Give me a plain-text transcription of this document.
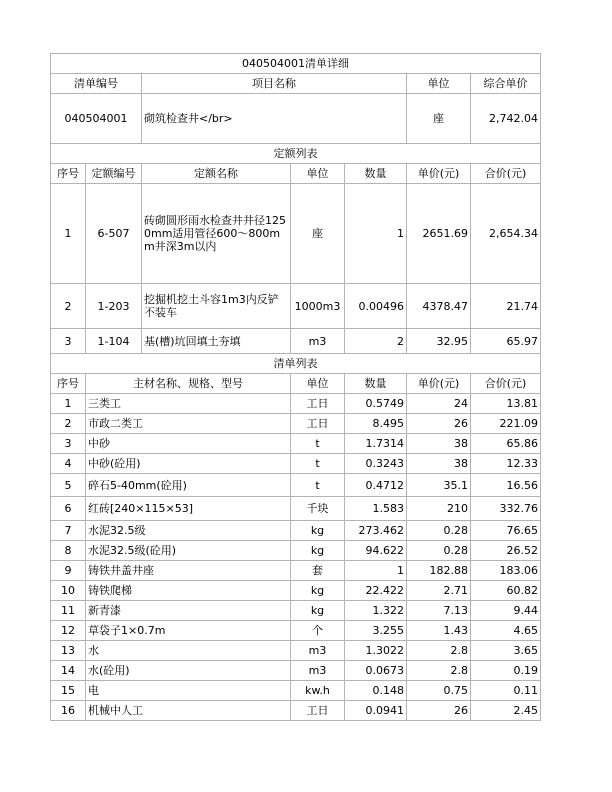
040504001清单详细						
清单编号		项目名称			单位	综合单价
040504001		砌筑检查井</br>			座	2,742.04
定额列表						
序号	定额编号	定额名称	单位	数量	单价(元)	合价(元)
1	6-507	砖砌圆形雨水检查井井径1250mm适用管径600～800mm井深3m以内	座	1	2651.69	2,654.34
2	1-203	挖掘机挖土斗容1m3内反铲不装车	1000m3	0.00496	4378.47	21.74
3	1-104	基(槽)坑回填土夯填	m3	2	32.95	65.97
清单列表						
序号	主材名称、规格、型号		单位	数量	单价(元)	合价(元)
1	三类工		工日	0.5749	24	13.81
2	市政二类工		工日	8.495	26	221.09
3	中砂		t	1.7314	38	65.86
4	中砂(砼用)		t	0.3243	38	12.33
5	碎石5-40mm(砼用)		t	0.4712	35.1	16.56
6	红砖[240×115×53]		千块	1.583	210	332.76
7	水泥32.5级		kg	273.462	0.28	76.65
8	水泥32.5级(砼用)		kg	94.622	0.28	26.52
9	铸铁井盖井座		套	1	182.88	183.06
10	铸铁爬梯		kg	22.422	2.71	60.82
11	新青漆		kg	1.322	7.13	9.44
12	草袋子1×0.7m		个	3.255	1.43	4.65
13	水		m3	1.3022	2.8	3.65
14	水(砼用)		m3	0.0673	2.8	0.19
15	电		kw.h	0.148	0.75	0.11
16	机械中人工		工日	0.0941	26	2.45
